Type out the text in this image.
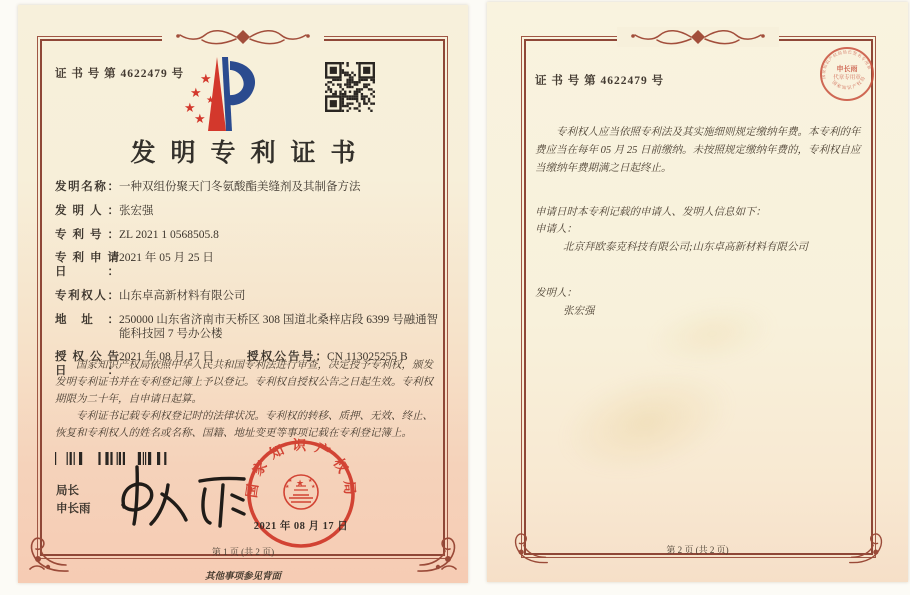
证 书 号 第 4622479 号 ★
★
★
★
★
发明专利证书
发明名称 ：	一种双组份聚天门冬氨酸酯美缝剂及其制备方法
发明人 ：	张宏强
专利号 ：	ZL 2021 1 0568505.8
专利申请日 ：
2021 年 05 月 25 日
专利权人 ：	山东卓高新材料有限公司
地址 ：	250000 山东省济南市天桥区 308 国道北桑梓店段 6399 号融通智能科技园 7 号办公楼
授权公告日 ：
2021 年 08 月 17 日	授权公告号 ：	CN 113025255 B

国家知识产权局依照中华人民共和国专利法进行审查，决定授予专利权，颁发发明专利证书并在专利登记簿上予以登记。专利权自授权公告之日起生效。专利权期限为二十年，自申请日起算。

专利证书记载专利权登记时的法律状况。专利权的转移、质押、无效、终止、恢复和专利权人的姓名或名称、国籍、地址变更等事项记载在专利登记簿上。

局长
申长雨
国家知识产权局
★
★	★
★	★
2021 年 08 月 17 日
第 1 页 (共 2 页)
其他事项参见背面
证 书 号 第 4622479 号	国家知识产权局局长签名专用章
国家知识产权局
申长雨
代章专用章

专利权人应当依照专利法及其实施细则规定缴纳年费。本专利的年费应当在每年 05 月 25 日前缴纳。未按照规定缴纳年费的，专利权自应当缴纳年费期满之日起终止。

申请日时本专利记载的申请人、发明人信息如下：

申请人：

北京拜欧泰克科技有限公司;山东卓高新材料有限公司

发明人：

张宏强

第 2 页 (共 2 页)
